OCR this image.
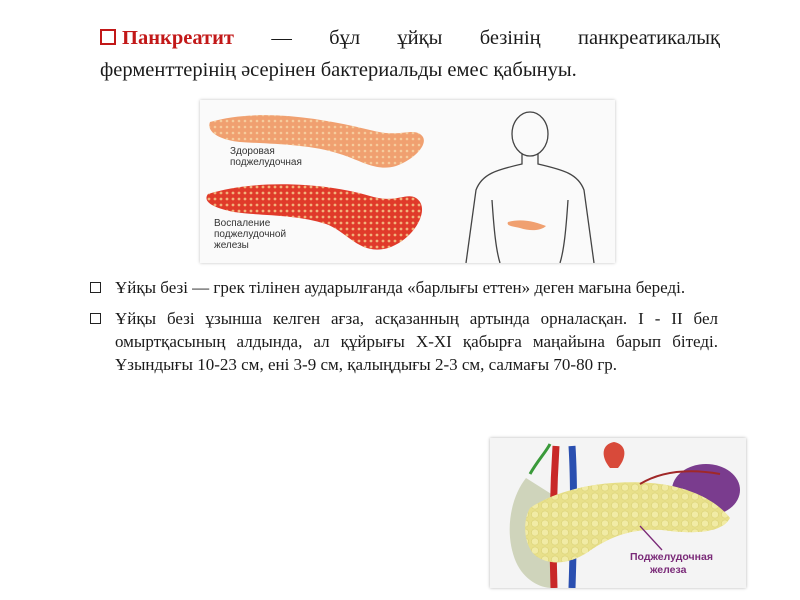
Панкреатит — бұл ұйқы безінің панкреатикалық
ферменттерінің әсерінен бактериальды емес қабынуы.
Здоровая
поджелудочная
Воспаление
поджелудочной
железы
Ұйқы безі — грек тілінен аударылғанда «барлығы еттен» деген мағына береді.
Ұйқы безі ұзынша келген ағза, асқазанның артында орналасқан. I - II бел омыртқасының алдында, ал құйрығы X-XI қабырға маңайына барып бітеді. Ұзындығы 10-23 см, ені 3-9 см, қалыңдығы 2-3 см, салмағы 70-80 гр.
Поджелудочная
железа
